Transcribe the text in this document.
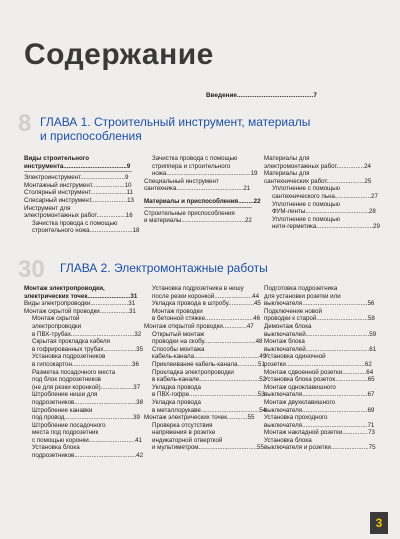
Содержание
Введение...........................................7
8 ГЛАВА 1. Строительный инструмент, материалы
и приспособления
Виды строительного
инструмента.....................................9
Электроинструмент..........................9
Монтажный инструмент...................10
Столярный инструмент.....................11
Слесарный инструмент.....................13
Инструмент для
электромонтажных работ.................16
Зачистка провода с помощью
строительного ножа.........................18
Зачистка провода с помощью
стриппера и строительного
ножа.................................................19
Специальный инструмент
сантехника.......................................21
Материалы и приспособления.........22
Строительные приспособления
и материалы.....................................22
Материалы для
электромонтажных работ................24
Материалы для
сантехнических работ......................25
Уплотнение с помощью
сантехнического льна.....................27
Уплотнение с помощью
ФУМ-ленты.....................................28
Уплотнение с помощью
нити-герметика.................................29
30 ГЛАВА 2. Электромонтажные работы
Монтаж электропроводки,
электрических точек.........................31
Виды электропроводки......................31
Монтаж скрытой проводки.................31
Монтаж скрытой
электропроводки
в ПВХ-трубах.....................................32
Скрытая прокладка кабеля
в гофрированных трубах...................35
Установка подрозетников
в гипсокартон...................................36
Разметка посадочного места
под блок подрозетников
(не для резки коронкой)...................37
Штробление ниши для
подрозетников....................................38
Штробление канавки
под провод........................................39
Штробление посадочного
места под подрозетник
с помощью коронки...........................41
Установка блока
подрозетников....................................42
Установка подрозетника в нишу
после резки коронкой......................44
Укладка провода в штробу...............45
Монтаж проводки
в бетонной стяжке............................46
Монтаж открытой проводки..............47
Открытый монтаж
проводки на скобу..............................48
Способы монтажа
кабель-канала......................................49
Приклеивание кабель-канала............51
Прокладка электропроводки
в кабель-канале...................................52
Укладка провода
в ПВХ-гофре........................................53
Укладка провода
в металлорукаве..................................54
Монтаж электрических точек............55
Проверка отсутствия
напряжения в розетке
индикаторной отверткой
и мультиметром..................................55
Подготовка подрозетника
для установки розетки или
выключателя......................................56
Подключение новой
проводки к старой..............................58
Демонтаж блока
выключателей.....................................59
Монтаж блока
выключателей.....................................61
Установка одиночной
розетки..............................................62
Монтаж сдвоенной розетки..............64
Установка блока розеток...................65
Монтаж одноклавишного
выключателя......................................67
Монтаж двухклавишного
выключателя......................................69
Установка проходного
выключателя......................................71
Монтаж накладной розетки...............73
Установка блока
выключателя и розетки......................75
3
